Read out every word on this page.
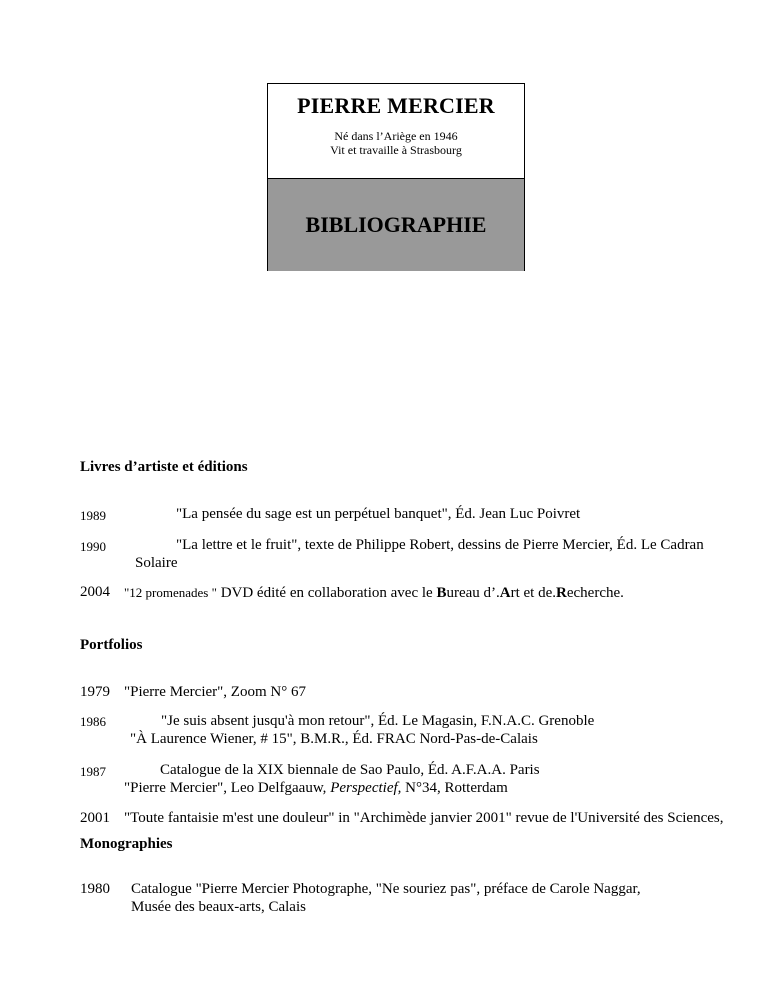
PIERRE MERCIER
Né dans l’Ariège en 1946
Vit et travaille à Strasbourg
BIBLIOGRAPHIE
Livres d’artiste et éditions
1989	"La pensée du sage est un perpétuel banquet", Éd. Jean Luc Poivret
1990	"La lettre et le fruit", texte de Philippe Robert, dessins de Pierre Mercier, Éd. Le Cadran
Solaire
2004 "12 promenades " DVD édité en collaboration avec le Bureau d’.Art et de.Recherche.
Portfolios
1979 "Pierre Mercier", Zoom N° 67
1986	"Je suis absent jusqu'à mon retour", Éd. Le Magasin, F.N.A.C. Grenoble
"À Laurence Wiener, # 15", B.M.R., Éd. FRAC Nord-Pas-de-Calais
1987	Catalogue de la XIX biennale de Sao Paulo, Éd. A.F.A.A. Paris
"Pierre Mercier", Leo Delfgaauw, Perspectief, N°34, Rotterdam
2001 "Toute fantaisie m'est une douleur" in "Archimède janvier 2001" revue de l'Université des Sciences,
Monographies
1980 Catalogue "Pierre Mercier Photographe, "Ne souriez pas", préface de Carole Naggar,
Musée des beaux-arts, Calais
